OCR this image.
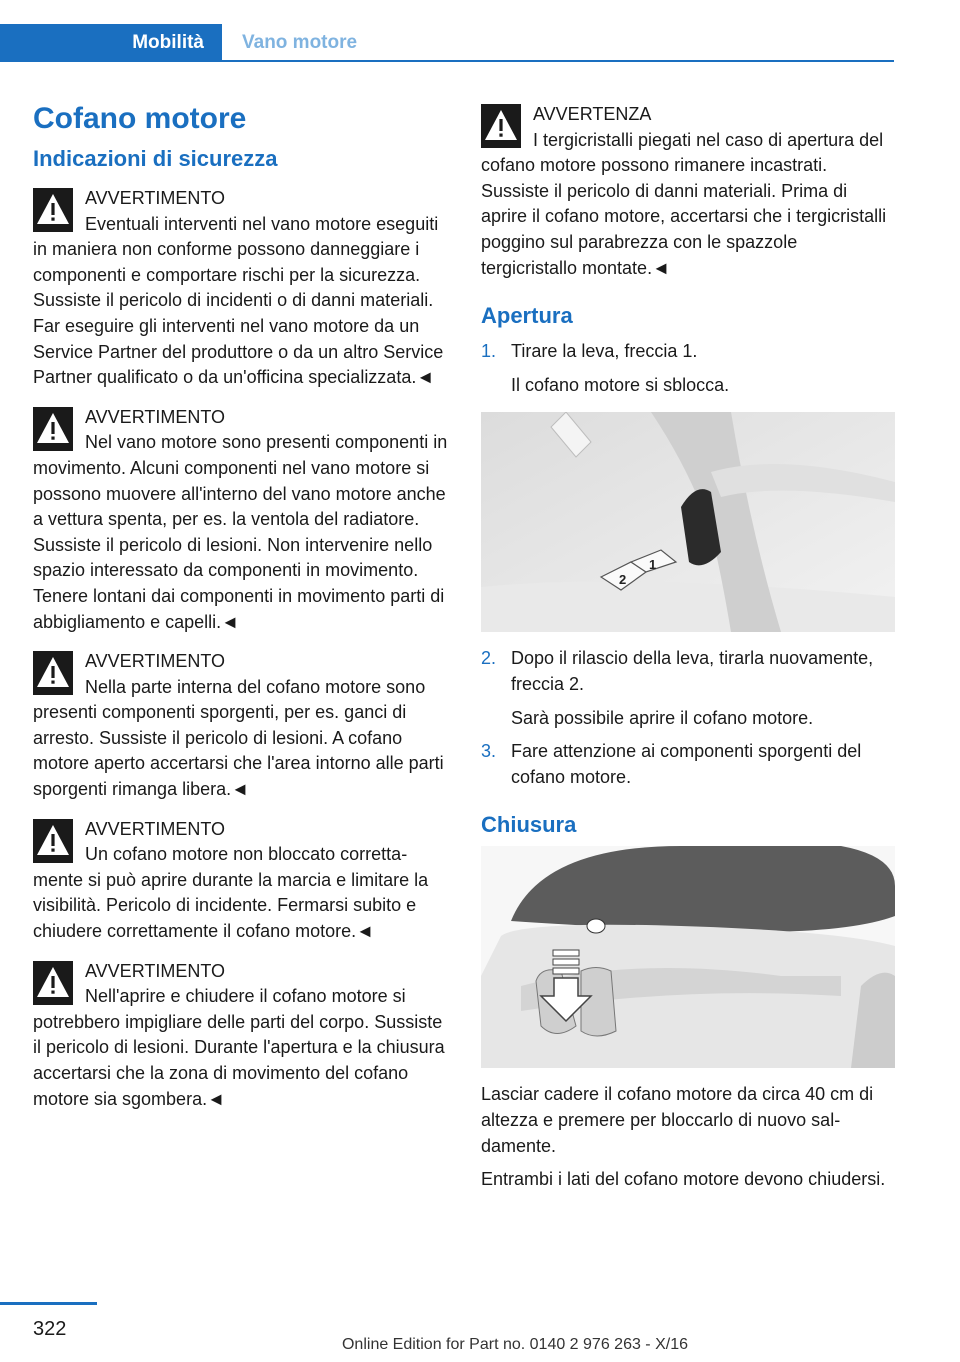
Mobilità	Vano motore
Cofano motore
Indicazioni di sicurezza
AVVERTIMENTO
Eventuali interventi nel vano motore eseguiti in maniera non conforme possono danneggiare i componenti e comportare rischi per la sicurezza. Sussiste il pericolo di incidenti o di danni materiali. Far eseguire gli interventi nel vano motore da un Service Partner del produttore o da un altro Service Partner qualificato o da un'officina specializzata.◄
AVVERTIMENTO
Nel vano motore sono presenti componenti in movimento. Alcuni componenti nel vano motore si possono muovere all'interno del vano motore anche a vettura spenta, per es. la ventola del radiatore. Sussiste il pericolo di lesioni. Non intervenire nello spazio interessato da componenti in movimento. Tenere lontani dai componenti in movimento parti di abbigliamento e capelli.◄
AVVERTIMENTO
Nella parte interna del cofano motore sono presenti componenti sporgenti, per es. ganci di arresto. Sussiste il pericolo di lesioni. A cofano motore aperto accertarsi che l'area intorno alle parti sporgenti rimanga libera.◄
AVVERTIMENTO
Un cofano motore non bloccato correttamente si può aprire durante la marcia e limitare la visibilità. Pericolo di incidente. Fermarsi subito e chiudere correttamente il cofano motore.◄
AVVERTIMENTO
Nell'aprire e chiudere il cofano motore si potrebbero impigliare delle parti del corpo. Sussiste il pericolo di lesioni. Durante l'apertura e la chiusura accertarsi che la zona di movimento del cofano motore sia sgombera.◄
AVVERTENZA
I tergicristalli piegati nel caso di apertura del cofano motore possono rimanere incastrati. Sussiste il pericolo di danni materiali. Prima di aprire il cofano motore, accertarsi che i tergicristalli poggino sul parabrezza con le spazzole tergicristallo montate.◄
Apertura
1. Tirare la leva, freccia 1.
Il cofano motore si sblocca.
2
1
2. Dopo il rilascio della leva, tirarla nuovamente, freccia 2.
Sarà possibile aprire il cofano motore.
3. Fare attenzione ai componenti sporgenti del cofano motore.
Chiusura
Lasciar cadere il cofano motore da circa 40 cm di altezza e premere per bloccarlo di nuovo saldamente.
Entrambi i lati del cofano motore devono chiudersi.
322
Online Edition for Part no. 0140 2 976 263 - X/16
